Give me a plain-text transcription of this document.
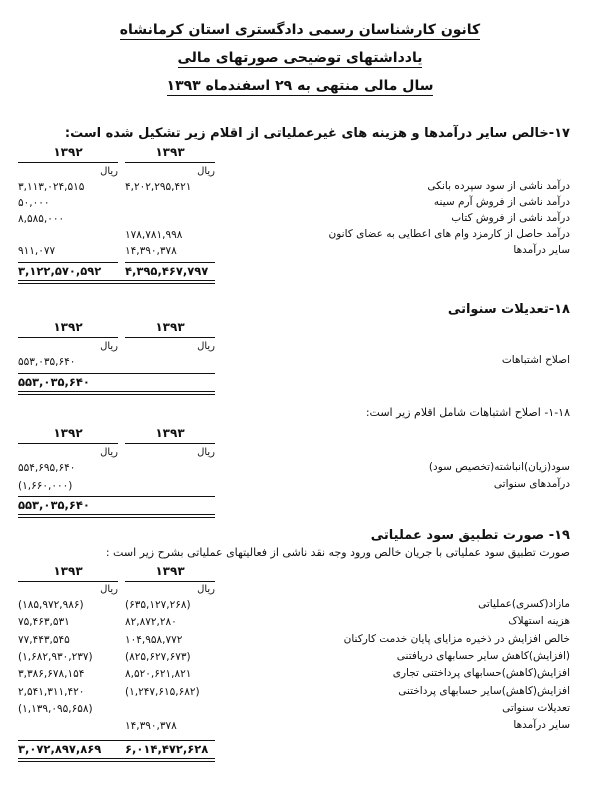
کانون کارشناسان رسمی دادگستری استان کرمانشاه
یادداشتهای توضیحی صورتهای مالی
سال مالی منتهی به ۲۹ اسفندماه ۱۳۹۳
۱۷-خالص سایر درآمدها و هزینه های غیرعملیاتی از اقلام زیر تشکیل شده است:
۱۳۹۳
۱۳۹۲
ریال
ریال
درآمد ناشی از سود سپرده بانکی
۴,۲۰۲,۲۹۵,۴۲۱
۳,۱۱۳,۰۲۴,۵۱۵
درآمد ناشی از فروش آرم سینه
۵۰,۰۰۰
درآمد ناشی از فروش کتاب
۸,۵۸۵,۰۰۰
درآمد حاصل از کارمزد وام های اعطایی به عضای کانون
۱۷۸,۷۸۱,۹۹۸
سایر درآمدها
۱۴,۳۹۰,۳۷۸
۹۱۱,۰۷۷
۴,۳۹۵,۴۶۷,۷۹۷
۳,۱۲۲,۵۷۰,۵۹۲
۱۸-تعدیلات سنواتی
۱۳۹۳
۱۳۹۲
ریال
ریال
اصلاح اشتباهات
۵۵۳,۰۳۵,۶۴۰
۵۵۳,۰۳۵,۶۴۰
۱-۱۸- اصلاح اشتباهات شامل اقلام زیر است:
۱۳۹۳
۱۳۹۲
ریال
ریال
سود(زیان)انباشته(تخصیص سود)
۵۵۴,۶۹۵,۶۴۰
درآمدهای سنواتی
(۱,۶۶۰,۰۰۰)
۵۵۳,۰۳۵,۶۴۰
۱۹- صورت تطبیق سود عملیاتی
صورت تطبیق سود عملیاتی با جریان خالص ورود وجه نقد ناشی از فعالیتهای عملیاتی بشرح زیر است :
۱۳۹۳
۱۳۹۳
ریال
ریال
مازاد(کسری)عملیاتی
(۶۳۵,۱۲۷,۲۶۸)
(۱۸۵,۹۷۲,۹۸۶)
هزینه استهلاک
۸۲,۸۷۲,۲۸۰
۷۵,۴۶۳,۵۳۱
خالص افزایش در ذخیره مزایای پایان خدمت کارکنان
۱۰۴,۹۵۸,۷۷۲
۷۷,۴۴۳,۵۴۵
(افزایش)کاهش سایر حسابهای دریافتنی
(۸۲۵,۶۲۷,۶۷۳)
(۱,۶۸۲,۹۳۰,۲۳۷)
افزایش(کاهش)حسابهای پرداختنی تجاری
۸,۵۲۰,۶۲۱,۸۲۱
۳,۳۸۶,۶۷۸,۱۵۴
افزایش(کاهش)سایر حسابهای پرداختنی
(۱,۲۴۷,۶۱۵,۶۸۲)
۲,۵۴۱,۳۱۱,۴۲۰
تعدیلات سنواتی
(۱,۱۳۹,۰۹۵,۶۵۸)
سایر درآمدها
۱۴,۳۹۰,۳۷۸
۶,۰۱۴,۴۷۲,۶۲۸
۳,۰۷۲,۸۹۷,۸۶۹
